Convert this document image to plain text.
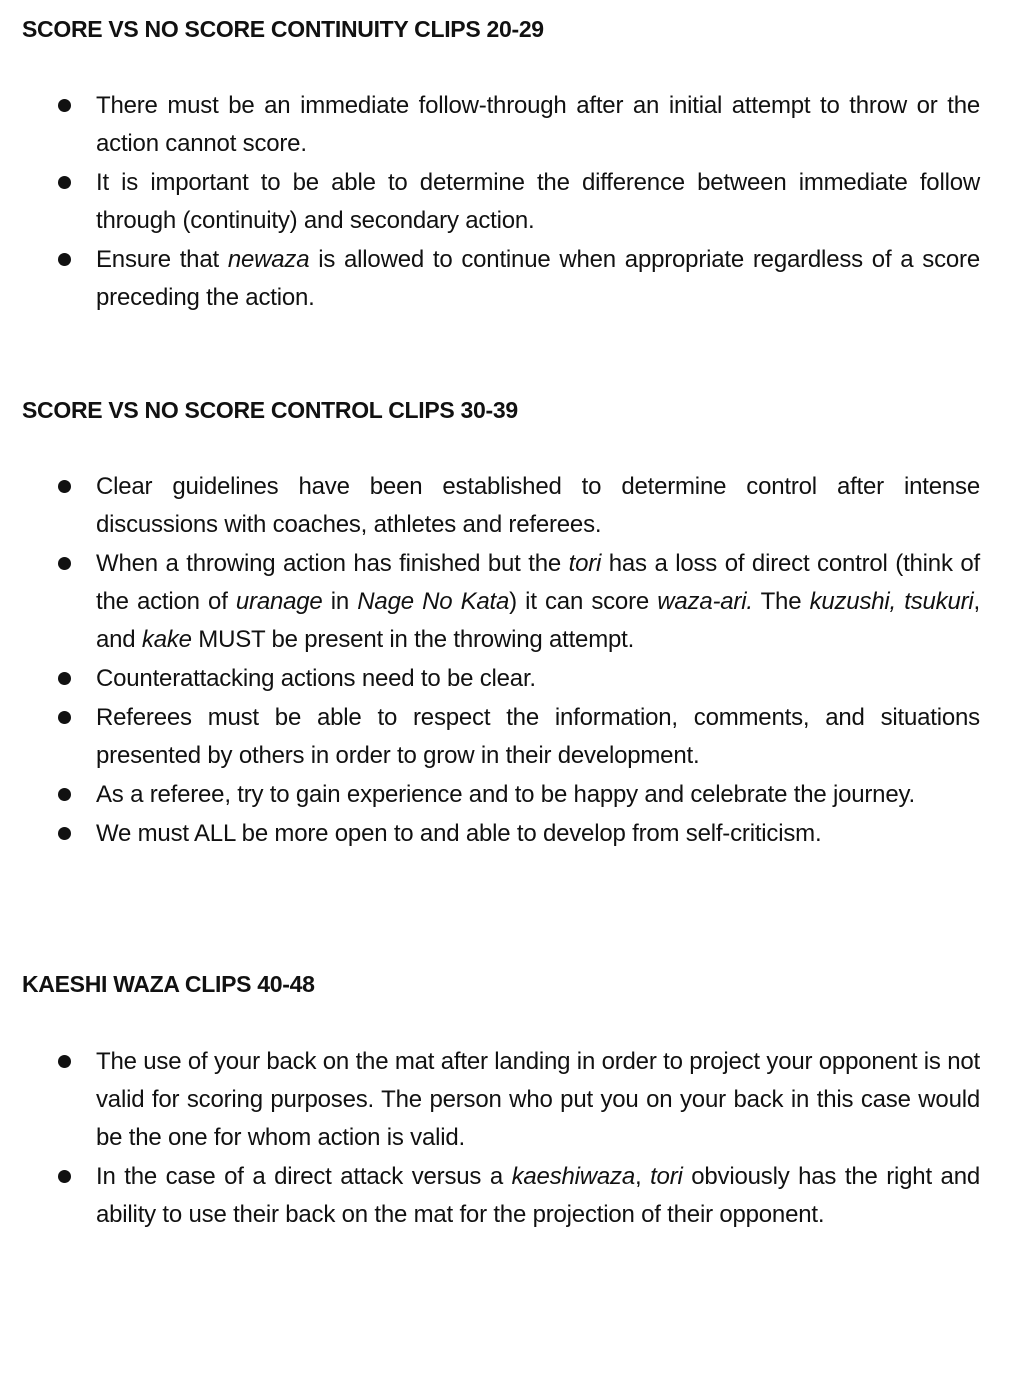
SCORE VS NO SCORE CONTINUITY CLIPS 20-29
There must be an immediate follow-through after an initial attempt to throw or the action cannot score.
It is important to be able to determine the difference between immediate follow through (continuity) and secondary action.
Ensure that newaza is allowed to continue when appropriate regardless of a score preceding the action.
SCORE VS NO SCORE CONTROL CLIPS 30-39
Clear guidelines have been established to determine control after intense discussions with coaches, athletes and referees.
When a throwing action has finished but the tori has a loss of direct control (think of the action of uranage in Nage No Kata) it can score waza-ari. The kuzushi, tsukuri, and kake MUST be present in the throwing attempt.
Counterattacking actions need to be clear.
Referees must be able to respect the information, comments, and situations presented by others in order to grow in their development.
As a referee, try to gain experience and to be happy and celebrate the journey.
We must ALL be more open to and able to develop from self-criticism.
KAESHI WAZA CLIPS 40-48
The use of your back on the mat after landing in order to project your opponent is not valid for scoring purposes. The person who put you on your back in this case would be the one for whom action is valid.
In the case of a direct attack versus a kaeshiwaza, tori obviously has the right and ability to use their back on the mat for the projection of their opponent.
